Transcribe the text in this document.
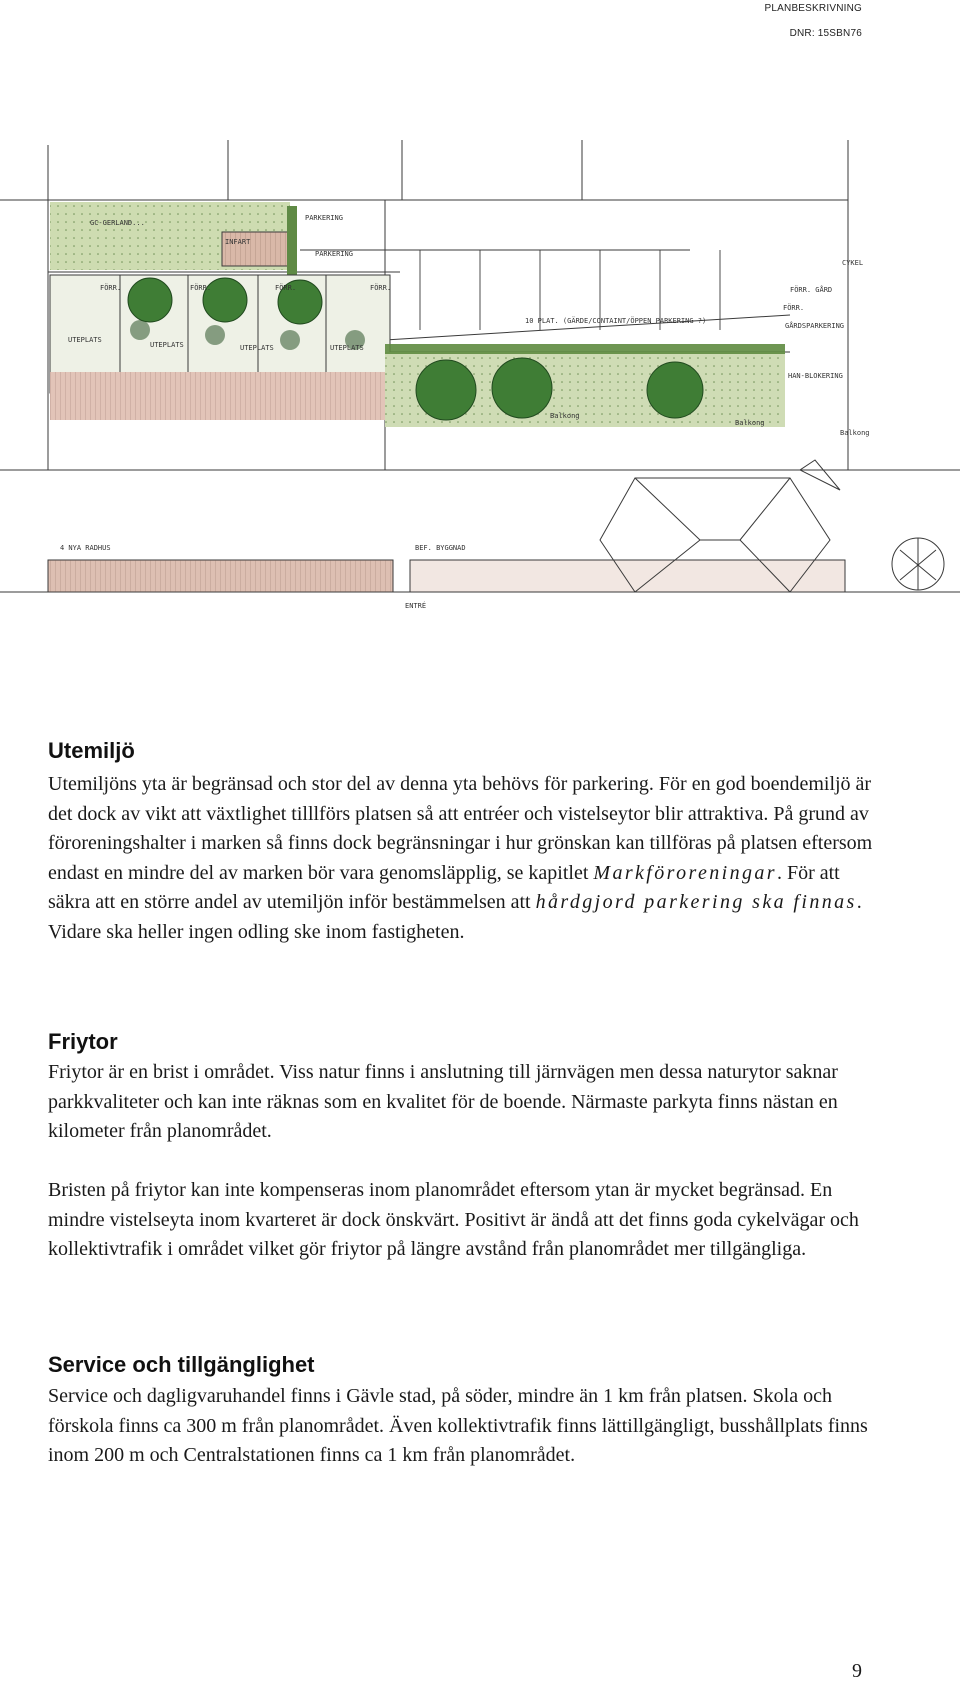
PLANBESKRIVNING
DNR: 15SBN76
GC-GERLAND...
PARKERING
PARKERING
10 PLAT. (GÄRDE/CONTAINT/ÖPPEN PARKERING ?)
FÖRR. GÅRD
GÅRDSPARKERING
HAN-BLOKERING
4 NYA RADHUS	BEF. BYGGNAD
ENTRÉ
FÖRR.	FÖRR.	FÖRR.	FÖRR.
INFART
UTEPLATS
UTEPLATS	UTEPLATS	UTEPLATS
Balkong
Balkong
CYKEL
FÖRR.
Balkong
Utemiljö

Utemiljöns yta är begränsad och stor del av denna yta behövs för parkering. För en god boendemiljö är det dock av vikt att växtlighet tilllförs platsen så att entréer och vistelseytor blir attraktiva. På grund av föroreningshalter i marken så finns dock begränsningar i hur grönskan kan tillföras på platsen eftersom endast en mindre del av marken bör vara genomsläpplig, se kapitlet Markföroreningar. För att säkra att en större andel av utemiljön inför bestämmelsen att hårdgjord parkering ska finnas. Vidare ska heller ingen odling ske inom fastigheten.

Friytor

Friytor är en brist i området. Viss natur finns i anslutning till järnvägen men dessa naturytor saknar parkkvaliteter och kan inte räknas som en kvalitet för de boende. Närmaste parkyta finns nästan en kilometer från planområdet.

Bristen på friytor kan inte kompenseras inom planområdet eftersom ytan är mycket begränsad. En mindre vistelseyta inom kvarteret är dock önskvärt. Positivt är ändå att det finns goda cykelvägar och kollektivtrafik i området vilket gör friytor på längre avstånd från planområdet mer tillgängliga.

Service och tillgänglighet

Service och dagligvaruhandel finns i Gävle stad, på söder, mindre än 1 km från platsen. Skola och förskola finns ca 300 m från planområdet. Även kollektivtrafik finns lättillgängligt, busshållplats finns inom 200 m och Centralstationen finns ca 1 km från planområdet.

9
